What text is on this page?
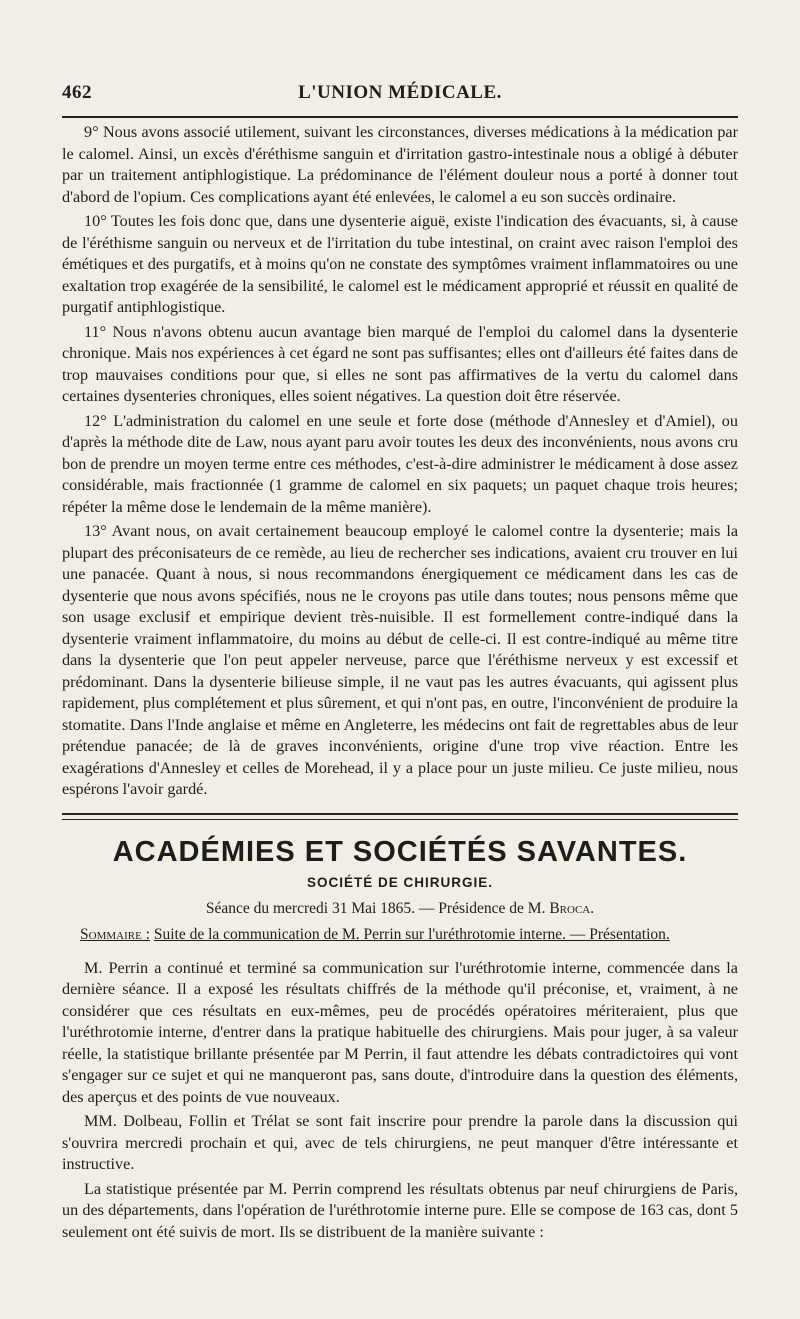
462	L'UNION MÉDICALE.

9° Nous avons associé utilement, suivant les circonstances, diverses médications à la médication par le calomel. Ainsi, un excès d'éréthisme sanguin et d'irritation gastro-intestinale nous a obligé à débuter par un traitement antiphlogistique. La prédominance de l'élément douleur nous a porté à donner tout d'abord de l'opium. Ces complications ayant été enlevées, le calomel a eu son succès ordinaire.

10° Toutes les fois donc que, dans une dysenterie aiguë, existe l'indication des évacuants, si, à cause de l'éréthisme sanguin ou nerveux et de l'irritation du tube intestinal, on craint avec raison l'emploi des émétiques et des purgatifs, et à moins qu'on ne constate des symptômes vraiment inflammatoires ou une exaltation trop exagérée de la sensibilité, le calomel est le médicament approprié et réussit en qualité de purgatif antiphlogistique.

11° Nous n'avons obtenu aucun avantage bien marqué de l'emploi du calomel dans la dysenterie chronique. Mais nos expériences à cet égard ne sont pas suffisantes; elles ont d'ailleurs été faites dans de trop mauvaises conditions pour que, si elles ne sont pas affirmatives de la vertu du calomel dans certaines dysenteries chroniques, elles soient négatives. La question doit être réservée.

12° L'administration du calomel en une seule et forte dose (méthode d'Annesley et d'Amiel), ou d'après la méthode dite de Law, nous ayant paru avoir toutes les deux des inconvénients, nous avons cru bon de prendre un moyen terme entre ces méthodes, c'est-à-dire administrer le médicament à dose assez considérable, mais fractionnée (1 gramme de calomel en six paquets; un paquet chaque trois heures; répéter la même dose le lendemain de la même manière).

13° Avant nous, on avait certainement beaucoup employé le calomel contre la dysenterie; mais la plupart des préconisateurs de ce remède, au lieu de rechercher ses indications, avaient cru trouver en lui une panacée. Quant à nous, si nous recommandons énergiquement ce médicament dans les cas de dysenterie que nous avons spécifiés, nous ne le croyons pas utile dans toutes; nous pensons même que son usage exclusif et empirique devient très-nuisible. Il est formellement contre-indiqué dans la dysenterie vraiment inflammatoire, du moins au début de celle-ci. Il est contre-indiqué au même titre dans la dysenterie que l'on peut appeler nerveuse, parce que l'éréthisme nerveux y est excessif et prédominant. Dans la dysenterie bilieuse simple, il ne vaut pas les autres évacuants, qui agissent plus rapidement, plus complétement et plus sûrement, et qui n'ont pas, en outre, l'inconvénient de produire la stomatite. Dans l'Inde anglaise et même en Angleterre, les médecins ont fait de regrettables abus de leur prétendue panacée; de là de graves inconvénients, origine d'une trop vive réaction. Entre les exagérations d'Annesley et celles de Morehead, il y a place pour un juste milieu. Ce juste milieu, nous espérons l'avoir gardé.

ACADÉMIES ET SOCIÉTÉS SAVANTES.
SOCIÉTÉ DE CHIRURGIE.
Séance du mercredi 31 Mai 1865. — Présidence de M. Broca.
Sommaire : Suite de la communication de M. Perrin sur l'uréthrotomie interne. — Présentation.

M. Perrin a continué et terminé sa communication sur l'uréthrotomie interne, commencée dans la dernière séance. Il a exposé les résultats chiffrés de la méthode qu'il préconise, et, vraiment, à ne considérer que ces résultats en eux-mêmes, peu de procédés opératoires mériteraient, plus que l'uréthrotomie interne, d'entrer dans la pratique habituelle des chirurgiens. Mais pour juger, à sa valeur réelle, la statistique brillante présentée par M Perrin, il faut attendre les débats contradictoires qui vont s'engager sur ce sujet et qui ne manqueront pas, sans doute, d'introduire dans la question des éléments, des aperçus et des points de vue nouveaux.

MM. Dolbeau, Follin et Trélat se sont fait inscrire pour prendre la parole dans la discussion qui s'ouvrira mercredi prochain et qui, avec de tels chirurgiens, ne peut manquer d'être intéressante et instructive.

La statistique présentée par M. Perrin comprend les résultats obtenus par neuf chirurgiens de Paris, un des départements, dans l'opération de l'uréthrotomie interne pure. Elle se compose de 163 cas, dont 5 seulement ont été suivis de mort. Ils se distribuent de la manière suivante :
